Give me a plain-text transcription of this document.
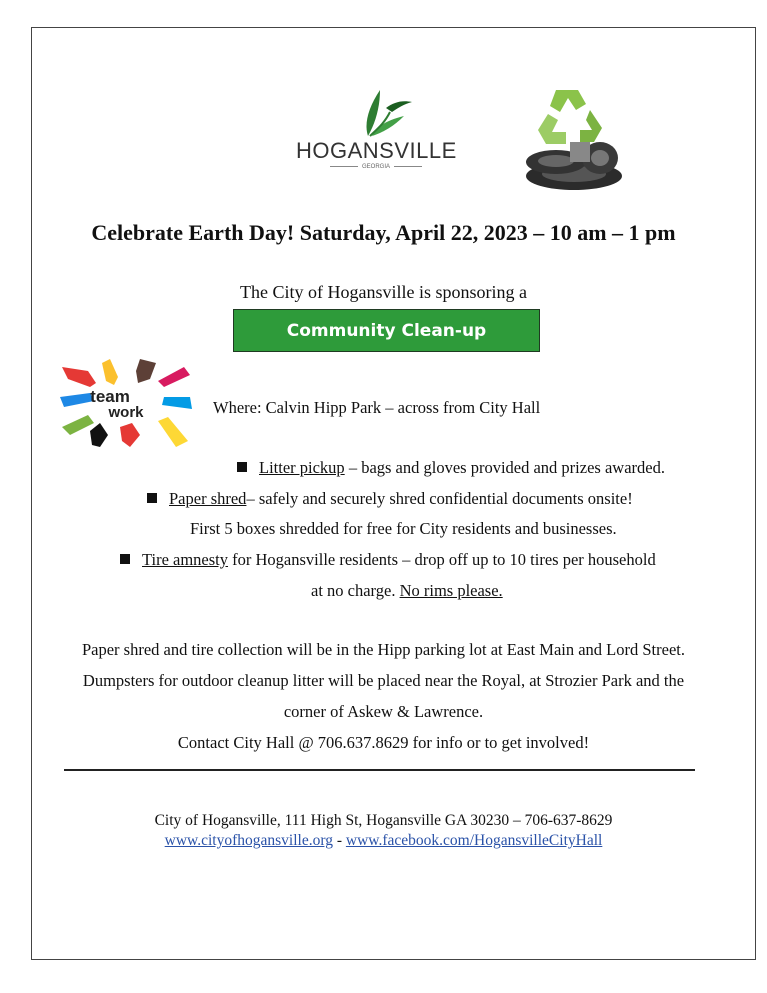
HOGANSVILLE
GEORGIA
Celebrate Earth Day! Saturday, April 22, 2023 – 10 am – 1 pm
The City of Hogansville is sponsoring a
Community Clean-up
team
work	Where: Calvin Hipp Park – across from City Hall
Litter pickup – bags and gloves provided and prizes awarded.
Paper shred– safely and securely shred confidential documents onsite!
First 5 boxes shredded for free for City residents and businesses.
Tire amnesty for Hogansville residents – drop off up to 10 tires per household
at no charge. No rims please.
Paper shred and tire collection will be in the Hipp parking lot at East Main and Lord Street.
Dumpsters for outdoor cleanup litter will be placed near the Royal, at Strozier Park and the
corner of Askew & Lawrence.
Contact City Hall @ 706.637.8629 for info or to get involved!
City of Hogansville, 111 High St, Hogansville GA 30230 – 706-637-8629
www.cityofhogansville.org - www.facebook.com/HogansvilleCityHall
